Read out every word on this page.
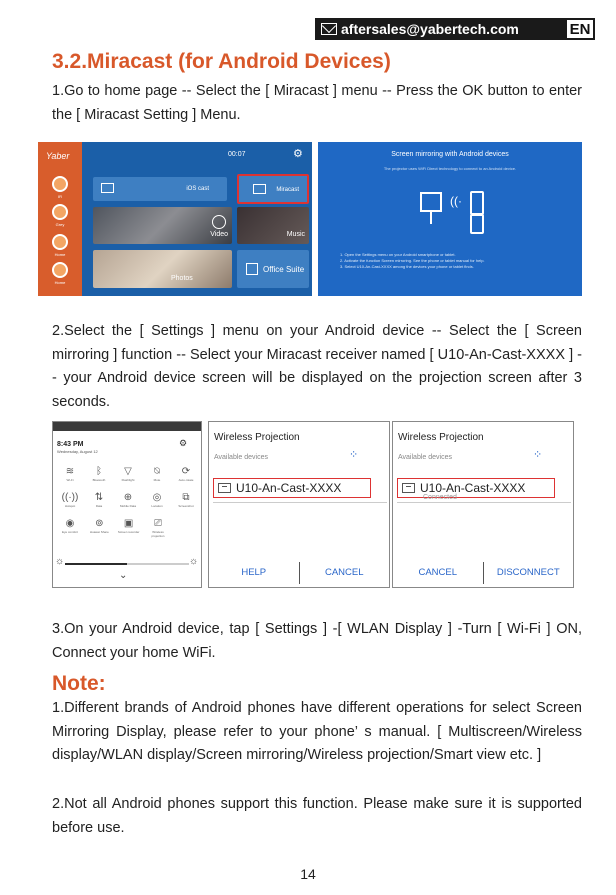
aftersales@yabertech.com	EN
3.2.Miracast (for Android Devices)
1.Go to home page -- Select the [ Miracast ] menu -- Press the OK button to enter the [ Miracast Setting ] Menu.
Yaber
IR
Grey
Home
Home
00:07	⚙
iOS cast	Miracast
Video	Music
Photos
Office Suite
Screen mirroring with Android devices
The projector uses WiFi Direct technology to connect to an Android device.
((·
1. Open the Settings menu on your Android smartphone or tablet.
2. Activate the function Screen mirroring. See the phone or tablet manual for help.
3. Select U10-An-Cast-XXXX among the devices your phone or tablet finds.
2.Select the [ Settings ] menu on your Android device -- Select the [ Screen mirroring ] function -- Select your Miracast receiver named [ U10-An-Cast-XXXX ] -- your Android device screen will be displayed on the projection screen after 3 seconds.
8:43 PM
Wednesday, August 12
⚙
≋
Wi-Fi
ᛒ
Bluetooth
▽
Flashlight
⍉
Mute
⟳
Auto-rotate
((·))
Hotspot
⇅
Data
⊕
Mobile Data
◎
Location
⧉
Screenshot
◉
Eye comfort
⊚
Huawei Share
▣
Screen recorder
⎚
Wireless projection
☼	☼
⌄
Wireless Projection
Available devices	⁘
U10-An-Cast-XXXX
HELP	CANCEL
Wireless Projection
Available devices	⁘
U10-An-Cast-XXXX
Connected
CANCEL	DISCONNECT
3.On your Android device, tap [ Settings ] -[ WLAN Display ] -Turn [ Wi-Fi ] ON, Connect your home WiFi.
Note:
1.Different brands of Android phones have different operations for select Screen Mirroring Display, please refer to your phone’ s manual. [ Multiscreen/Wireless display/WLAN display/Screen mirroring/Wireless projection/Smart view etc. ]
2.Not all Android phones support this function. Please make sure it is supported before use.
14
